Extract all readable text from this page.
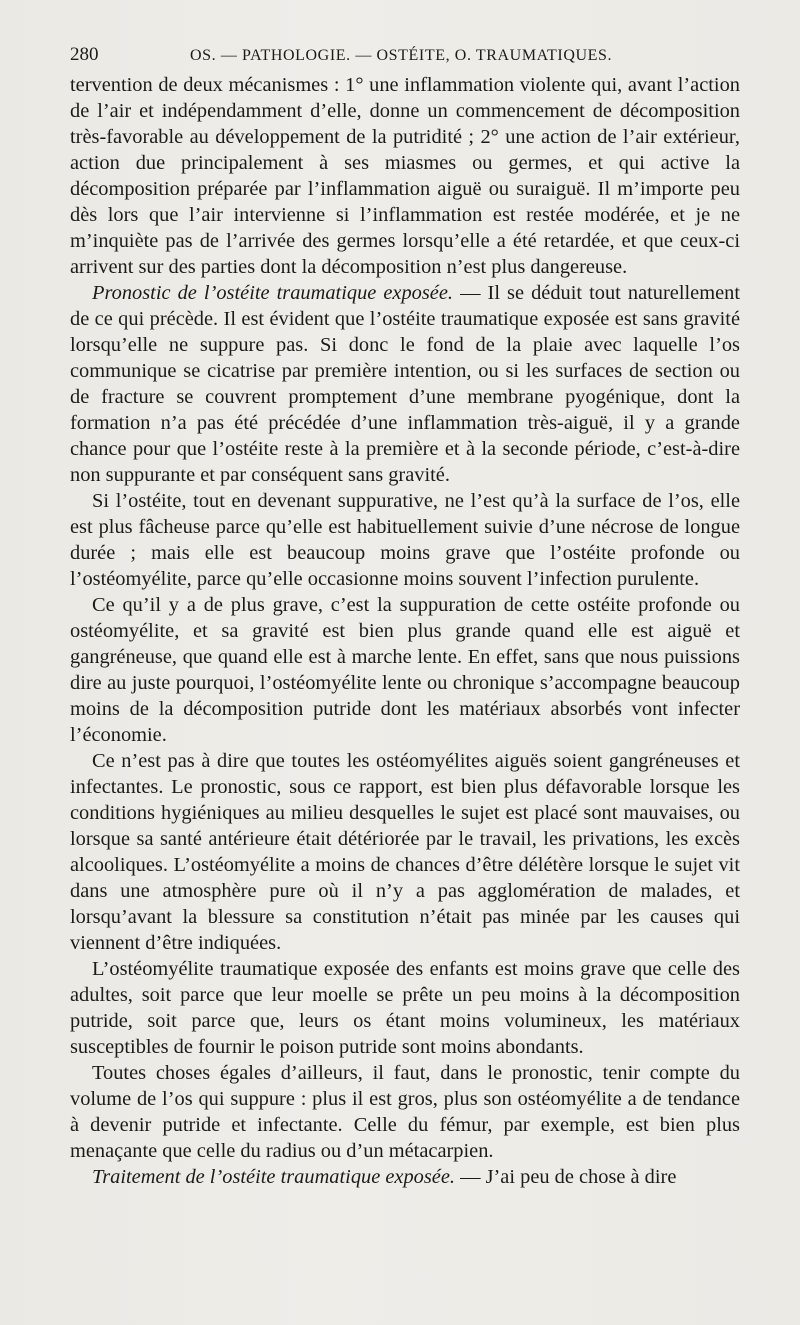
280	OS. — PATHOLOGIE. — OSTÉITE, O. TRAUMATIQUES.

tervention de deux mécanismes : 1° une inflammation violente qui, avant l’action de l’air et indépendamment d’elle, donne un commencement de décomposition très-favorable au développement de la putridité ; 2° une action de l’air extérieur, action due principalement à ses miasmes ou germes, et qui active la décomposition préparée par l’inflammation aiguë ou suraiguë. Il m’importe peu dès lors que l’air intervienne si l’inflammation est restée modérée, et je ne m’inquiète pas de l’arrivée des germes lorsqu’elle a été retardée, et que ceux-ci arrivent sur des parties dont la décomposition n’est plus dangereuse.

Pronostic de l’ostéite traumatique exposée. — Il se déduit tout naturellement de ce qui précède. Il est évident que l’ostéite traumatique exposée est sans gravité lorsqu’elle ne suppure pas. Si donc le fond de la plaie avec laquelle l’os communique se cicatrise par première intention, ou si les surfaces de section ou de fracture se couvrent promptement d’une membrane pyogénique, dont la formation n’a pas été précédée d’une inflammation très-aiguë, il y a grande chance pour que l’ostéite reste à la première et à la seconde période, c’est-à-dire non suppurante et par conséquent sans gravité.

Si l’ostéite, tout en devenant suppurative, ne l’est qu’à la surface de l’os, elle est plus fâcheuse parce qu’elle est habituellement suivie d’une nécrose de longue durée ; mais elle est beaucoup moins grave que l’ostéite profonde ou l’ostéomyélite, parce qu’elle occasionne moins souvent l’infection purulente.

Ce qu’il y a de plus grave, c’est la suppuration de cette ostéite profonde ou ostéomyélite, et sa gravité est bien plus grande quand elle est aiguë et gangréneuse, que quand elle est à marche lente. En effet, sans que nous puissions dire au juste pourquoi, l’ostéomyélite lente ou chronique s’accompagne beaucoup moins de la décomposition putride dont les matériaux absorbés vont infecter l’économie.

Ce n’est pas à dire que toutes les ostéomyélites aiguës soient gangréneuses et infectantes. Le pronostic, sous ce rapport, est bien plus défavorable lorsque les conditions hygiéniques au milieu desquelles le sujet est placé sont mauvaises, ou lorsque sa santé antérieure était détériorée par le travail, les privations, les excès alcooliques. L’ostéomyélite a moins de chances d’être délétère lorsque le sujet vit dans une atmosphère pure où il n’y a pas agglomération de malades, et lorsqu’avant la blessure sa constitution n’était pas minée par les causes qui viennent d’être indiquées.

L’ostéomyélite traumatique exposée des enfants est moins grave que celle des adultes, soit parce que leur moelle se prête un peu moins à la décomposition putride, soit parce que, leurs os étant moins volumineux, les matériaux susceptibles de fournir le poison putride sont moins abondants.

Toutes choses égales d’ailleurs, il faut, dans le pronostic, tenir compte du volume de l’os qui suppure : plus il est gros, plus son ostéomyélite a de tendance à devenir putride et infectante. Celle du fémur, par exemple, est bien plus menaçante que celle du radius ou d’un métacarpien.

Traitement de l’ostéite traumatique exposée. — J’ai peu de chose à dire
